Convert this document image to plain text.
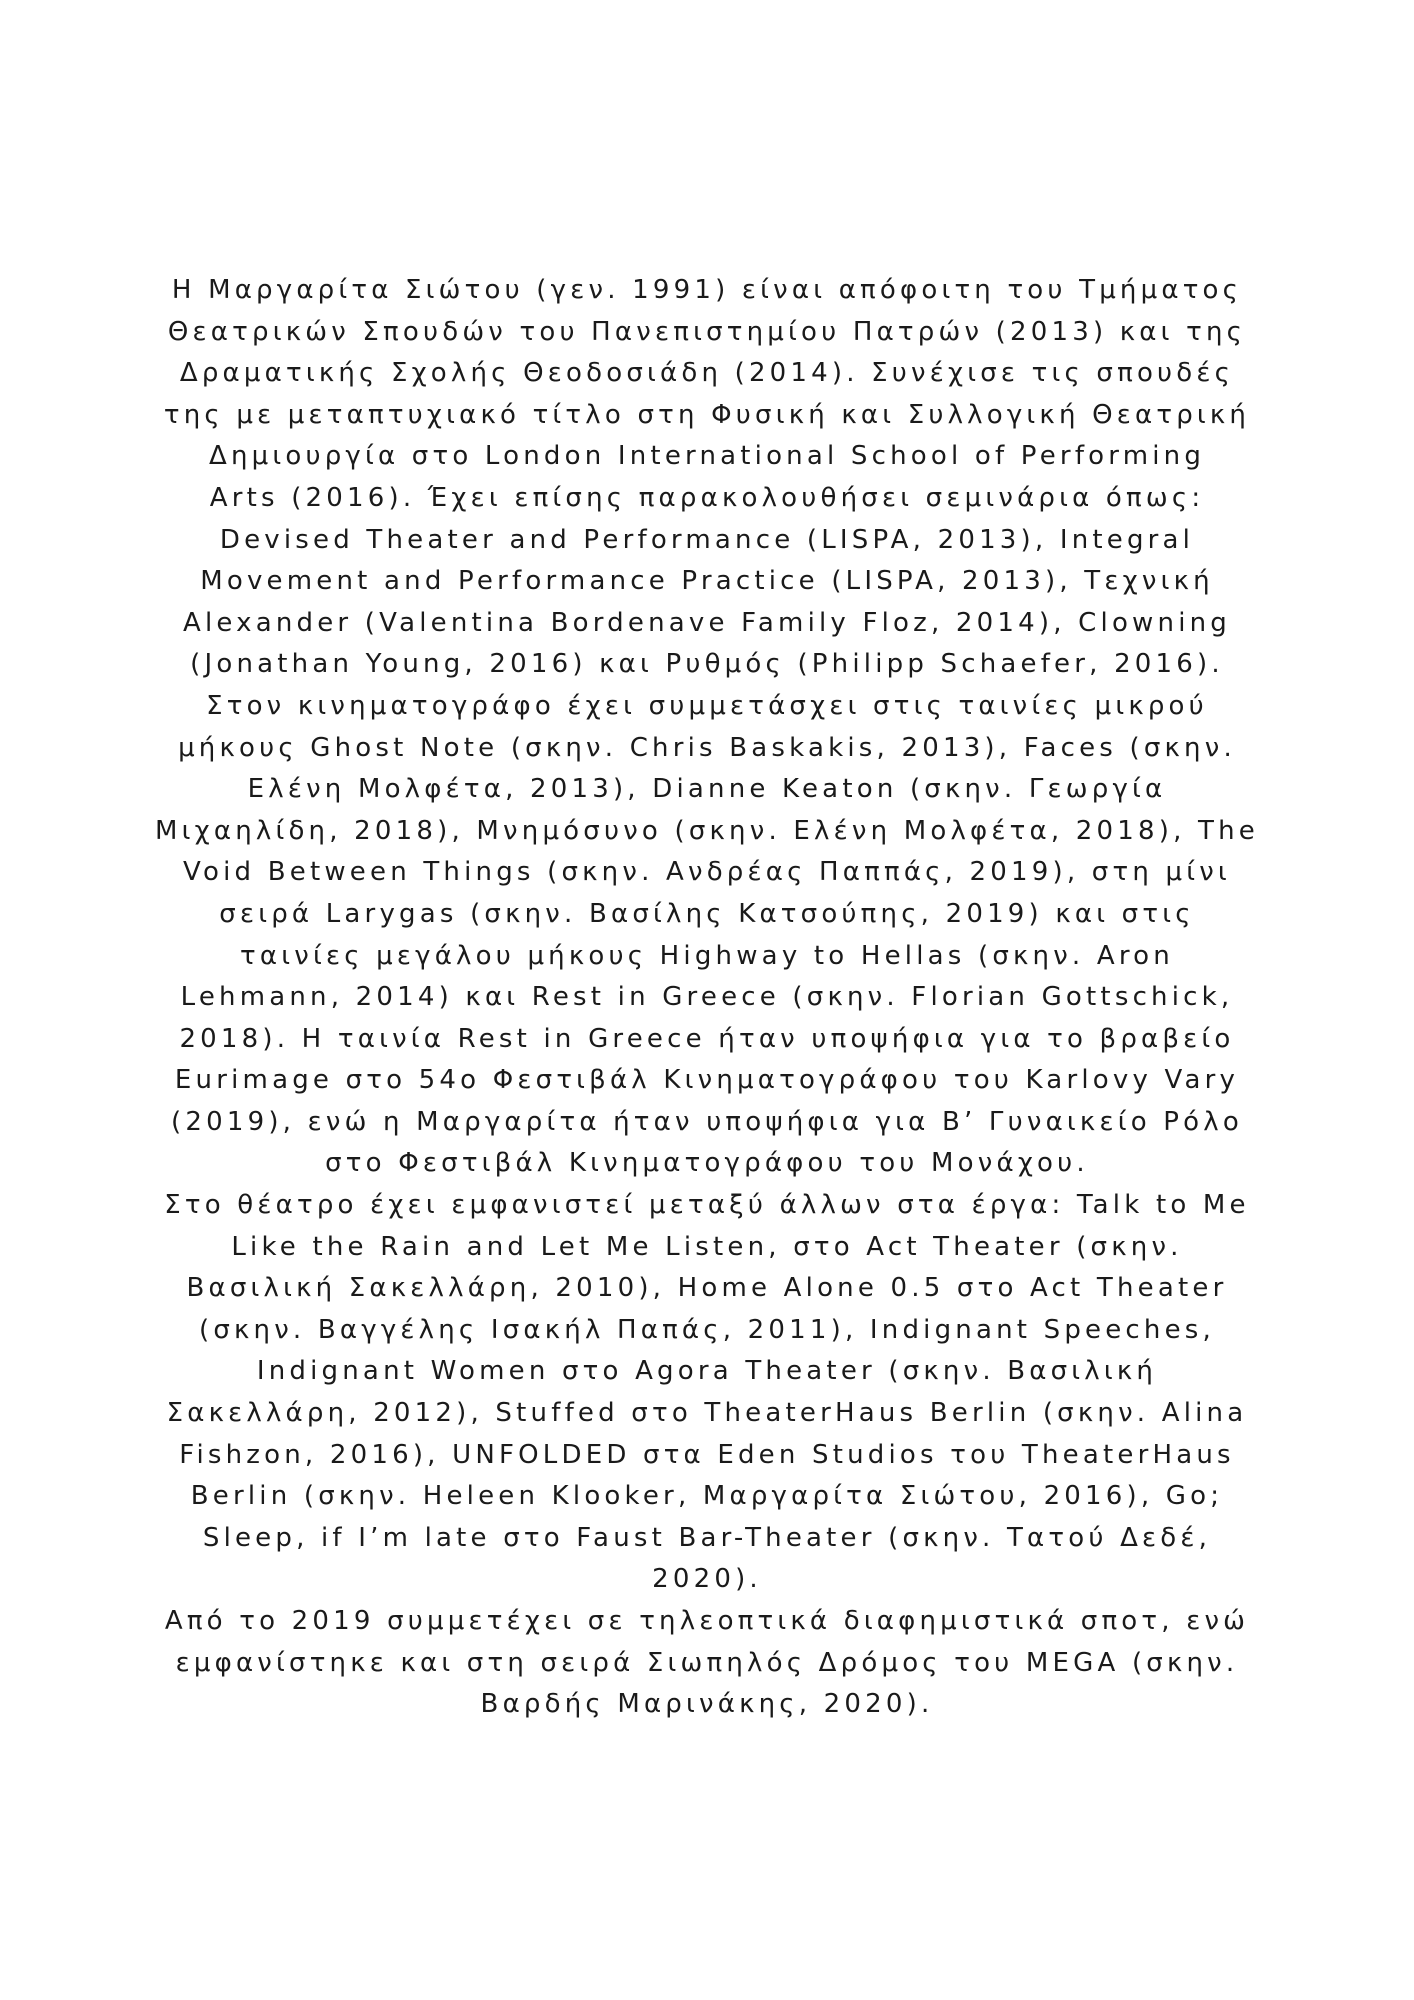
Η Μαργαρίτα Σιώτου (γεν. 1991) είναι απόφοιτη του Τμήματος
Θεατρικών Σπουδών του Πανεπιστημίου Πατρών (2013) και της
Δραματικής Σχολής Θεοδοσιάδη (2014). Συνέχισε τις σπουδές
της με μεταπτυχιακό τίτλο στη Φυσική και Συλλογική Θεατρική
Δημιουργία στο London International School of Performing
Arts (2016). Έχει επίσης παρακολουθήσει σεμινάρια όπως:
Devised Theater and Performance (LISPA, 2013), Integral
Movement and Performance Practice (LISPA, 2013), Τεχνική
Alexander (Valentina Bordenave Family Floz, 2014), Clowning
(Jonathan Young, 2016) και Ρυθμός (Philipp Schaefer, 2016).
Στον κινηματογράφο έχει συμμετάσχει στις ταινίες μικρού
μήκους Ghost Note (σκην. Chris Baskakis, 2013), Faces (σκην.
Ελένη Μολφέτα, 2013), Dianne Keaton (σκην. Γεωργία
Μιχαηλίδη, 2018), Μνημόσυνο (σκην. Ελένη Μολφέτα, 2018), The
Void Between Things (σκην. Ανδρέας Παππάς, 2019), στη μίνι
σειρά Larygas (σκην. Βασίλης Κατσούπης, 2019) και στις
ταινίες μεγάλου μήκους Highway to Hellas (σκην. Aron
Lehmann, 2014) και Rest in Greece (σκην. Florian Gottschick,
2018). Η ταινία Rest in Greece ήταν υποψήφια για το βραβείο
Eurimage στο 54ο Φεστιβάλ Κινηματογράφου του Karlovy Vary
(2019), ενώ η Μαργαρίτα ήταν υποψήφια για Β’ Γυναικείο Ρόλο
στο Φεστιβάλ Κινηματογράφου του Μονάχου.
Στο θέατρο έχει εμφανιστεί μεταξύ άλλων στα έργα: Talk to Me
Like the Rain and Let Me Listen, στο Act Theater (σκην.
Βασιλική Σακελλάρη, 2010), Home Alone 0.5 στο Act Theater
(σκην. Βαγγέλης Ισακήλ Παπάς, 2011), Indignant Speeches,
Indignant Women στο Agora Theater (σκην. Βασιλική
Σακελλάρη, 2012), Stuffed στο TheaterHaus Berlin (σκην. Alina
Fishzon, 2016), UNFOLDED στα Eden Studios του TheaterHaus
Berlin (σκην. Heleen Klooker, Μαργαρίτα Σιώτου, 2016), Go;
Sleep, if I’m late στο Faust Bar-Theater (σκην. Τατού Δεδέ,
2020).
Από το 2019 συμμετέχει σε τηλεοπτικά διαφημιστικά σποτ, ενώ
εμφανίστηκε και στη σειρά Σιωπηλός Δρόμος του MEGA (σκην.
Βαρδής Μαρινάκης, 2020).
